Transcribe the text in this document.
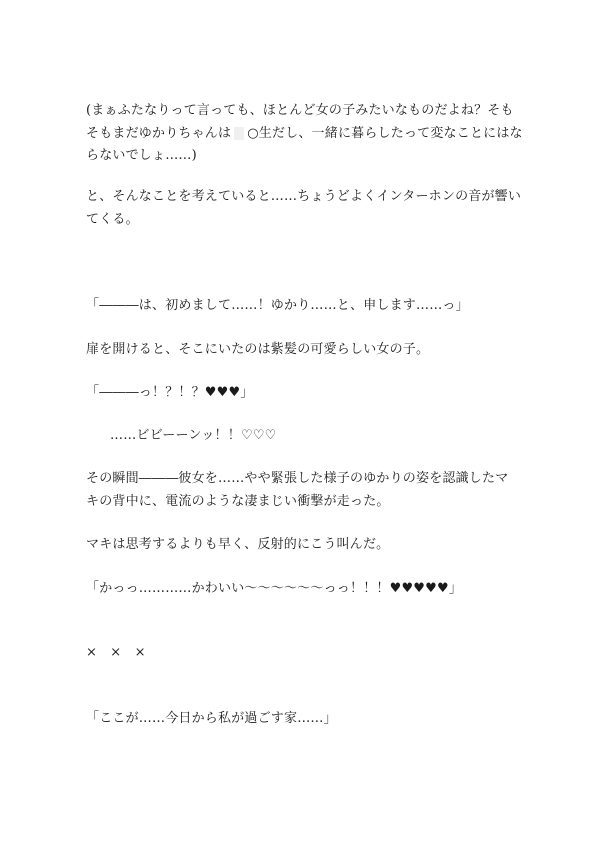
(まぁふたなりって言っても、ほとんど女の子みたいなものだよね？そも
そもまだゆかりちゃんは ○生だし、一緒に暮らしたって変なことにはな
らないでしょ……)
と、そんなことを考えていると……ちょうどよくインターホンの音が響い
てくる。
「―――は、初めまして……！ゆかり……と、申します……っ」
扉を開けると、そこにいたのは紫髪の可愛らしい女の子。
「―――っ！？！？♥♥♥」
……ビビーーンッ！！♡♡♡
その瞬間―――彼女を……やや緊張した様子のゆかりの姿を認識したマ
キの背中に、電流のような凄まじい衝撃が走った。
マキは思考するよりも早く、反射的にこう叫んだ。
「かっっ…………かわいい～～～～～～っっ！！！♥♥♥♥♥」
×　×　×
「ここが……今日から私が過ごす家……」
